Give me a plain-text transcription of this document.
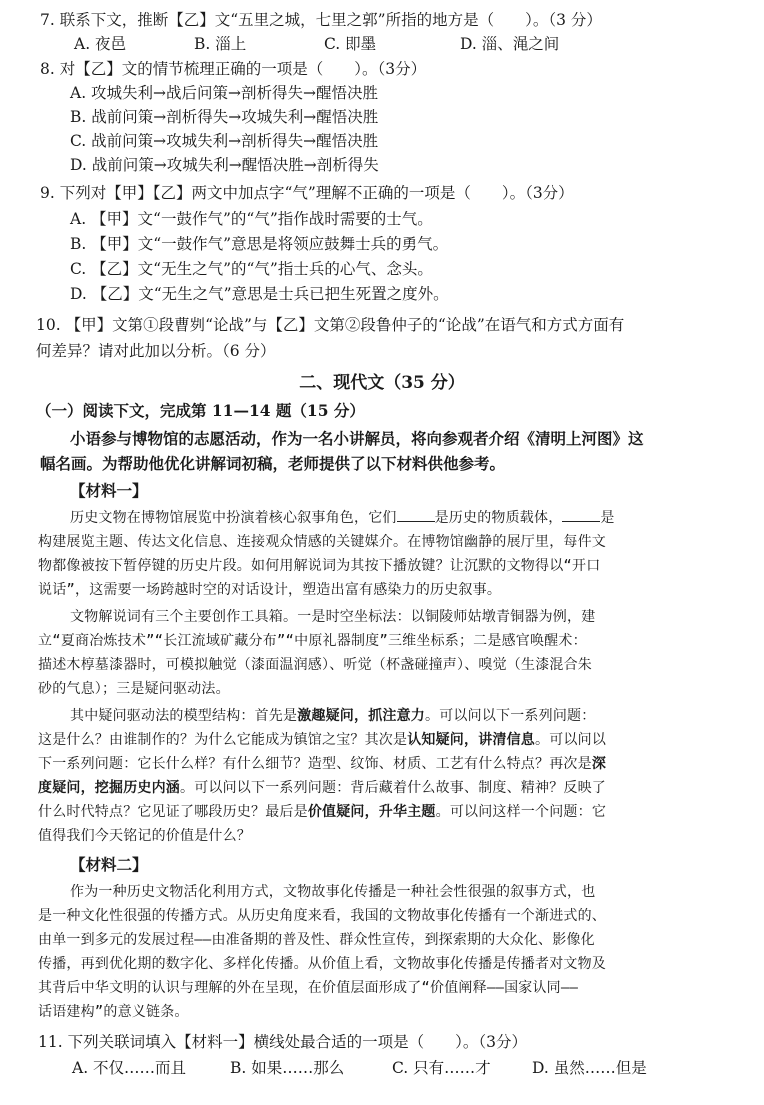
7. 联系下文，推断【乙】文“五里之城，七里之郭”所指的地方是（　　）。（3 分）
A. 夜邑	B. 淄上	C. 即墨	D. 淄、渑之间
8. 对【乙】文的情节梳理正确的一项是（　　）。（3分）
A. 攻城失利→战后问策→剖析得失→醒悟决胜
B. 战前问策→剖析得失→攻城失利→醒悟决胜
C. 战前问策→攻城失利→剖析得失→醒悟决胜
D. 战前问策→攻城失利→醒悟决胜→剖析得失
9. 下列对【甲】【乙】两文中加点字“气”理解不正确的一项是（　　）。（3分）
A. 【甲】文“一鼓作气”的“气”指作战时需要的士气。
B. 【甲】文“一鼓作气”意思是将领应鼓舞士兵的勇气。
C. 【乙】文“无生之气”的“气”指士兵的心气、念头。
D. 【乙】文“无生之气”意思是士兵已把生死置之度外。
10. 【甲】文第①段曹刿“论战”与【乙】文第②段鲁仲子的“论战”在语气和方式方面有
何差异？请对此加以分析。（6 分）
二、现代文（35 分）
（一）阅读下文，完成第 11—14 题（15 分）
小语参与博物馆的志愿活动，作为一名小讲解员，将向参观者介绍《清明上河图》这
幅名画。为帮助他优化讲解词初稿，老师提供了以下材料供他参考。
【材料一】
历史文物在博物馆展览中扮演着核心叙事角色，它们	是历史的物质载体，	是
构建展览主题、传达文化信息、连接观众情感的关键媒介。在博物馆幽静的展厅里，每件文
物都像被按下暂停键的历史片段。如何用解说词为其按下播放键？让沉默的文物得以“开口
说话”，这需要一场跨越时空的对话设计，塑造出富有感染力的历史叙事。
文物解说词有三个主要创作工具箱。一是时空坐标法：以铜陵师姑墩青铜器为例，建
立“夏商冶炼技术”“长江流域矿藏分布”“中原礼器制度”三维坐标系；二是感官唤醒术：
描述木椁墓漆器时，可模拟触觉（漆面温润感）、听觉（杯盏碰撞声）、嗅觉（生漆混合朱
砂的气息）；三是疑问驱动法。
其中疑问驱动法的模型结构：首先是激趣疑问，抓注意力。可以问以下一系列问题：
这是什么？由谁制作的？为什么它能成为镇馆之宝？其次是认知疑问，讲清信息。可以问以
下一系列问题：它长什么样？有什么细节？造型、纹饰、材质、工艺有什么特点？再次是深
度疑问，挖掘历史内涵。可以问以下一系列问题：背后藏着什么故事、制度、精神？反映了
什么时代特点？它见证了哪段历史？最后是价值疑问，升华主题。可以问这样一个问题：它
值得我们今天铭记的价值是什么？
【材料二】
作为一种历史文物活化利用方式，文物故事化传播是一种社会性很强的叙事方式，也
是一种文化性很强的传播方式。从历史角度来看，我国的文物故事化传播有一个渐进式的、
由单一到多元的发展过程——由准备期的普及性、群众性宣传，到探索期的大众化、影像化
传播，再到优化期的数字化、多样化传播。从价值上看，文物故事化传播是传播者对文物及
其背后中华文明的认识与理解的外在呈现，在价值层面形成了“价值阐释——国家认同——
话语建构”的意义链条。
11. 下列关联词填入【材料一】横线处最合适的一项是（　　）。（3分）
A. 不仅……而且	B. 如果……那么	C. 只有……才	D. 虽然……但是
